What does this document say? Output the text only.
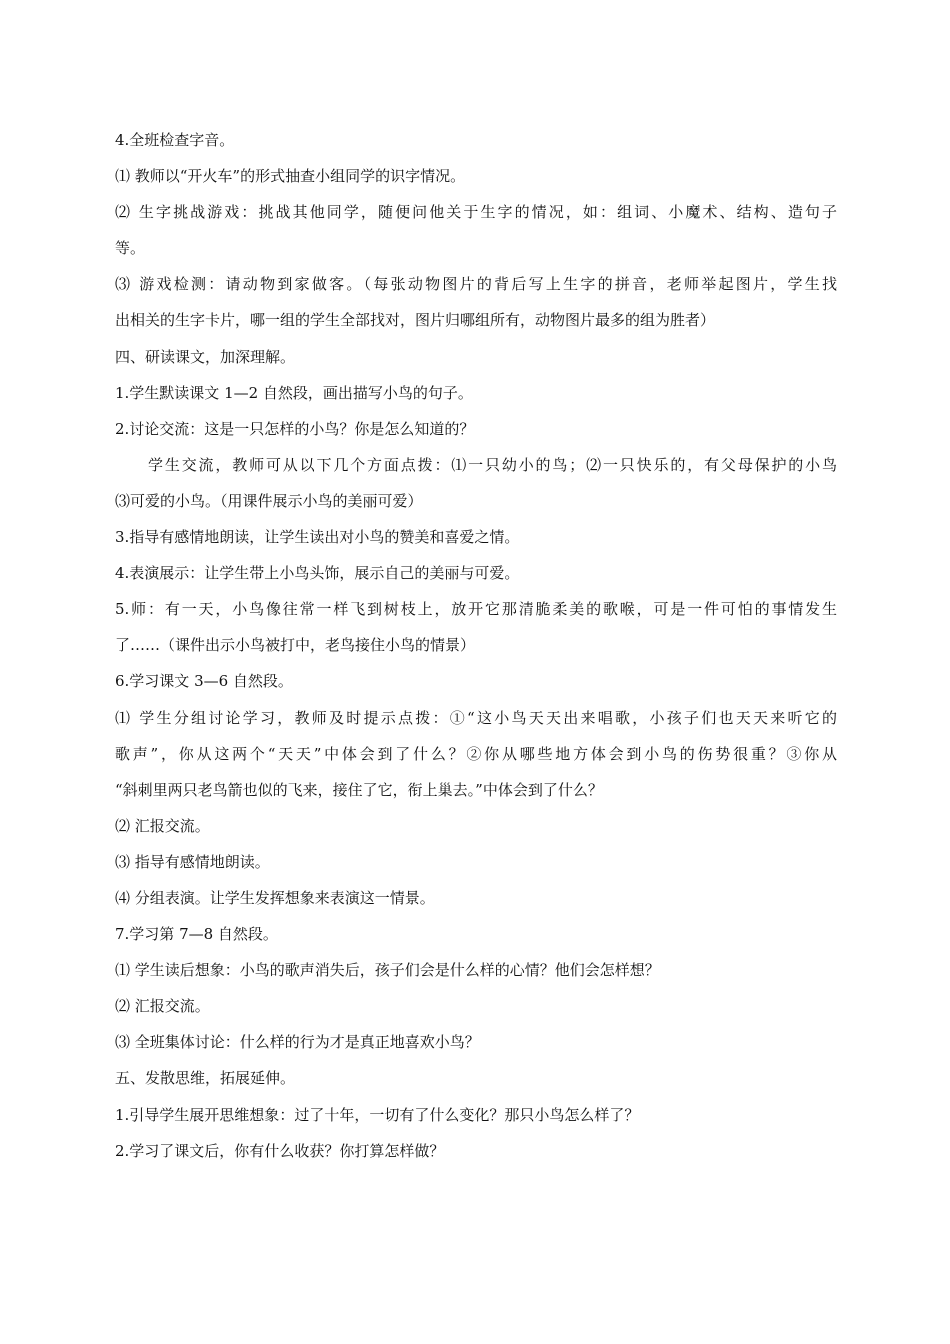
4.全班检查字音。
⑴ 教师以“开火车”的形式抽查小组同学的识字情况。
⑵ 生字挑战游戏：挑战其他同学，随便问他关于生字的情况，如：组词、小魔术、结构、造句子
等。
⑶ 游戏检测：请动物到家做客。（每张动物图片的背后写上生字的拼音，老师举起图片，学生找
出相关的生字卡片，哪一组的学生全部找对，图片归哪组所有，动物图片最多的组为胜者）
四、研读课文，加深理解。
1.学生默读课文 1—2 自然段，画出描写小鸟的句子。
2.讨论交流：这是一只怎样的小鸟？你是怎么知道的？
学生交流，教师可从以下几个方面点拨：⑴一只幼小的鸟；⑵一只快乐的，有父母保护的小鸟
⑶可爱的小鸟。（用课件展示小鸟的美丽可爱）
3.指导有感情地朗读，让学生读出对小鸟的赞美和喜爱之情。
4.表演展示：让学生带上小鸟头饰，展示自己的美丽与可爱。
5.师：有一天，小鸟像往常一样飞到树枝上，放开它那清脆柔美的歌喉，可是一件可怕的事情发生
了……（课件出示小鸟被打中，老鸟接住小鸟的情景）
6.学习课文 3—6 自然段。
⑴ 学生分组讨论学习，教师及时提示点拨：①“这小鸟天天出来唱歌，小孩子们也天天来听它的
歌声”，你从这两个“天天”中体会到了什么？②你从哪些地方体会到小鸟的伤势很重？③你从
“斜刺里两只老鸟箭也似的飞来，接住了它，衔上巢去。”中体会到了什么？
⑵ 汇报交流。
⑶ 指导有感情地朗读。
⑷ 分组表演。让学生发挥想象来表演这一情景。
7.学习第 7—8 自然段。
⑴ 学生读后想象：小鸟的歌声消失后，孩子们会是什么样的心情？他们会怎样想？
⑵ 汇报交流。
⑶ 全班集体讨论：什么样的行为才是真正地喜欢小鸟？
五、发散思维，拓展延伸。
1.引导学生展开思维想象：过了十年，一切有了什么变化？那只小鸟怎么样了？
2.学习了课文后，你有什么收获？你打算怎样做？
